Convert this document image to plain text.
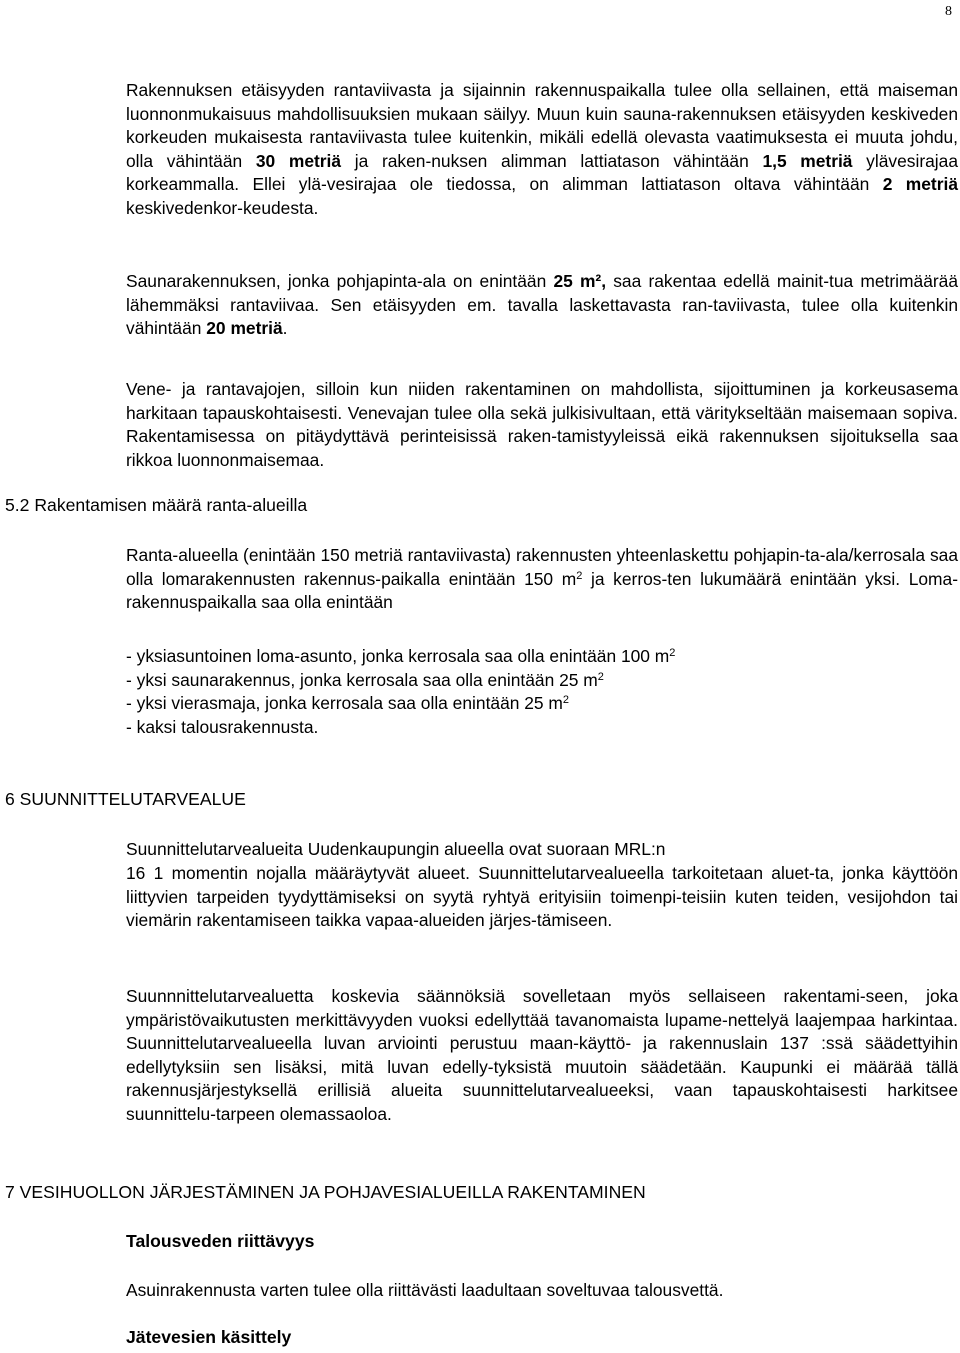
8

Rakennuksen etäisyyden rantaviivasta ja sijainnin rakennuspaikalla tulee olla sellainen, että maiseman luonnonmukaisuus mahdollisuuksien mukaan säilyy. Muun kuin sauna-rakennuksen etäisyyden keskiveden korkeuden mukaisesta rantaviivasta tulee kuitenkin, mikäli edellä olevasta vaatimuksesta ei muuta johdu, olla vähintään 30 metriä ja raken-nuksen alimman lattiatason vähintään 1,5 metriä ylävesirajaa korkeammalla. Ellei ylä-vesirajaa ole tiedossa, on alimman lattiatason oltava vähintään 2 metriä keskivedenkor-keudesta.

Saunarakennuksen, jonka pohjapinta-ala on enintään 25 m², saa rakentaa edellä mainit-tua metrimäärää lähemmäksi rantaviivaa. Sen etäisyyden em. tavalla laskettavasta ran-taviivasta, tulee olla kuitenkin vähintään 20 metriä.

Vene- ja rantavajojen, silloin kun niiden rakentaminen on mahdollista, sijoittuminen ja korkeusasema harkitaan tapauskohtaisesti. Venevajan tulee olla sekä julkisivultaan, että väritykseltään maisemaan sopiva. Rakentamisessa on pitäydyttävä perinteisissä raken-tamistyyleissä eikä rakennuksen sijoituksella saa rikkoa luonnonmaisemaa.

5.2 Rakentamisen määrä ranta-alueilla

Ranta-alueella (enintään 150 metriä rantaviivasta) rakennusten yhteenlaskettu pohjapin-ta-ala/kerrosala saa olla lomarakennusten rakennus-paikalla enintään 150 $m^2$ ja kerros-ten lukumäärä enintään yksi. Loma-rakennuspaikalla saa olla enintään

- yksiasuntoinen loma-asunto, jonka kerrosala saa olla enintään 100 $m^2$
- yksi saunarakennus, jonka kerrosala saa olla enintään 25 $m^2$
- yksi vierasmaja, jonka kerrosala saa olla enintään 25 $m^2$
- kaksi talousrakennusta.
6 SUUNNITTELUTARVEALUE

Suunnittelutarvealueita Uudenkaupungin alueella ovat suoraan MRL:n

16 1 momentin nojalla määräytyvät alueet. Suunnittelutarvealueella tarkoitetaan aluet-ta, jonka käyttöön liittyvien tarpeiden tyydyttämiseksi on syytä ryhtyä erityisiin toimenpi-teisiin kuten teiden, vesijohdon tai viemärin rakentamiseen taikka vapaa-alueiden järjes-tämiseen.

Suunnnittelutarvealuetta koskevia säännöksiä sovelletaan myös sellaiseen rakentami-seen, joka ympäristövaikutusten merkittävyyden vuoksi edellyttää tavanomaista lupame-nettelyä laajempaa harkintaa. Suunnittelutarvealueella luvan arviointi perustuu maan-käyttö- ja rakennuslain 137 :ssä säädettyihin edellytyksiin sen lisäksi, mitä luvan edelly-tyksistä muutoin säädetään. Kaupunki ei määrää tällä rakennusjärjestyksellä erillisiä alueita suunnittelutarvealueeksi, vaan tapauskohtaisesti harkitsee suunnittelu-tarpeen olemassaoloa.

7 VESIHUOLLON JÄRJESTÄMINEN JA POHJAVESIALUEILLA RAKENTAMINEN
Talousveden riittävyys

Asuinrakennusta varten tulee olla riittävästi laadultaan soveltuvaa talousvettä.

Jätevesien käsittely
